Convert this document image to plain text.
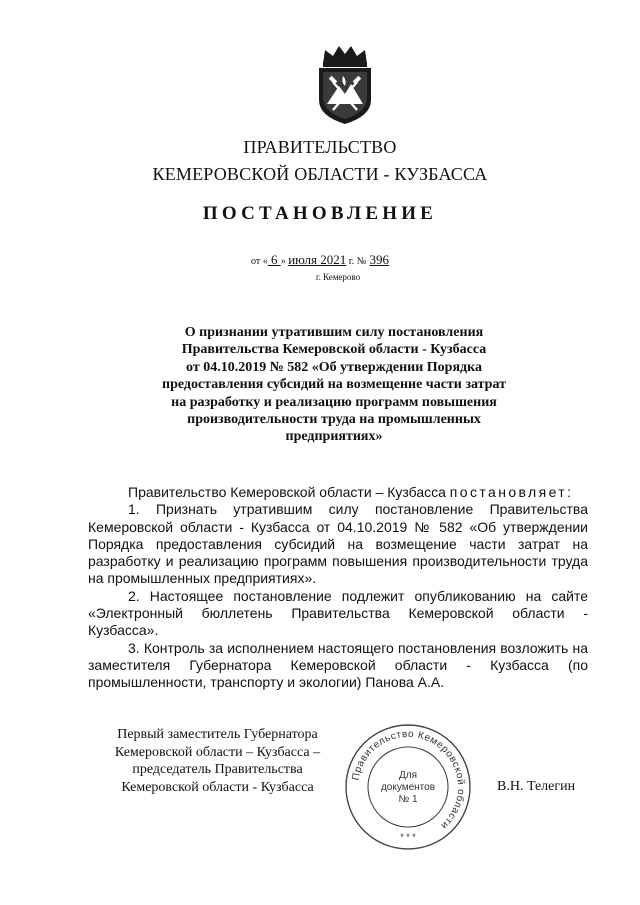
ПРАВИТЕЛЬСТВО
КЕМЕРОВСКОЙ ОБЛАСТИ - КУЗБАССА
ПОСТАНОВЛЕНИЕ
от « 6 » июля 2021 г. № 396
г. Кемерово
О признании утратившим силу постановления
Правительства Кемеровской области - Кузбасса
от 04.10.2019 № 582 «Об утверждении Порядка
предоставления субсидий на возмещение части затрат
на разработку и реализацию программ повышения
производительности труда на промышленных
предприятиях»

Правительство Кемеровской области – Кузбасса постановляет:

1. Признать утратившим силу постановление Правительства Кемеровской области - Кузбасса от 04.10.2019 № 582 «Об утверждении Порядка предоставления субсидий на возмещение части затрат на разработку и реализацию программ повышения производительности труда на промышленных предприятиях».

2. Настоящее постановление подлежит опубликованию на сайте «Электронный бюллетень Правительства Кемеровской области - Кузбасса».

3. Контроль за исполнением настоящего постановления возложить на заместителя Губернатора Кемеровской области - Кузбасса (по промышленности, транспорту и экологии) Панова А.А.

Первый заместитель Губернатора
Кемеровской области – Кузбасса –
председатель Правительства
Кемеровской области - Кузбасса
Правительство Кемеровской области
Для
документов
№ 1
* * *
В.Н. Телегин
